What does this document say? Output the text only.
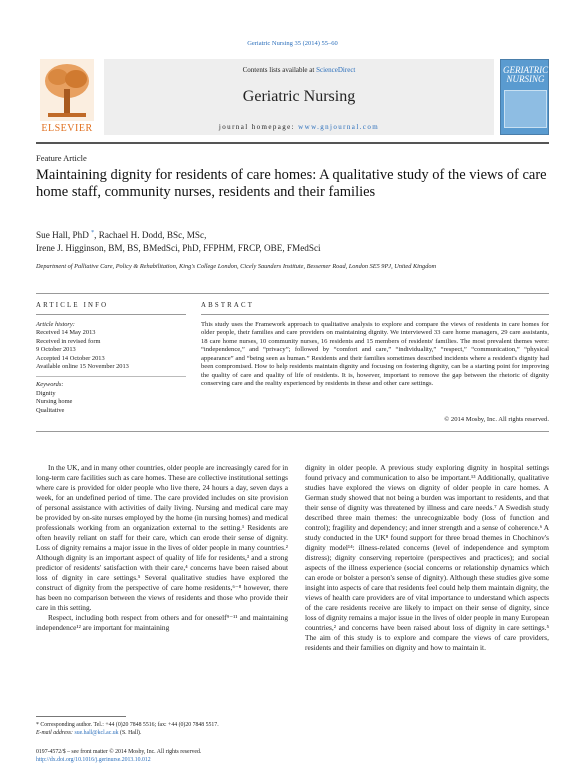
Geriatric Nursing 35 (2014) 55–60
ELSEVIER
Contents lists available at ScienceDirect
Geriatric Nursing
journal homepage: www.gnjournal.com
GERIATRIC
NURSING
Feature Article
Maintaining dignity for residents of care homes: A qualitative study of the views of care home staff, community nurses, residents and their families
Sue Hall, PhD *, Rachael H. Dodd, BSc, MSc,
Irene J. Higginson, BM, BS, BMedSci, PhD, FFPHM, FRCP, OBE, FMedSci
Department of Palliative Care, Policy & Rehabilitation, King's College London, Cicely Saunders Institute, Bessemer Road, London SE5 9PJ, United Kingdom
ARTICLE INFO	ABSTRACT
Article history:
Received 14 May 2013
Received in revised form
9 October 2013
Accepted 14 October 2013
Available online 15 November 2013
Keywords:
Dignity
Nursing home
Qualitative
This study uses the Framework approach to qualitative analysis to explore and compare the views of residents in care homes for older people, their families and care providers on maintaining dignity. We interviewed 33 care home managers, 29 care assistants, 18 care home nurses, 10 community nurses, 16 residents and 15 members of residents' families. The most prevalent themes were: “independence,” and “privacy”; followed by “comfort and care,” “individuality,” “respect,” “communication,” “physical appearance” and “being seen as human.” Residents and their families sometimes described incidents where a resident's dignity had been compromised. How to help residents maintain dignity and focusing on fostering dignity, can be a starting point for improving the quality of care and quality of life of residents. It is, however, important to remove the gap between the rhetoric of dignity conserving care and the reality experienced by residents in these and other care settings.
© 2014 Mosby, Inc. All rights reserved.

In the UK, and in many other countries, older people are increasingly cared for in long-term care facilities such as care homes. These are collective institutional settings where care is provided for older people who live there, 24 hours a day, seven days a week, for an undefined period of time. The care provided includes on site provision of personal assistance with activities of daily living. Nursing and medical care may be provided by on-site nurses employed by the home (in nursing homes) and medical professionals working from an organization external to the setting.¹ Residents are often heavily reliant on staff for their care, which can erode their sense of dignity. Loss of dignity remains a major issue in the lives of older people in many countries.² Although dignity is an important aspect of quality of life for residents,³ and a strong predictor of residents' satisfaction with their care,⁴ concerns have been raised about loss of dignity in care settings.⁵ Several qualitative studies have explored the construct of dignity from the perspective of care home residents,⁶⁻⁸ however, there has been no comparison between the views of residents and those who provide their care in this setting.

Respect, including both respect from others and for oneself⁹⁻¹¹ and maintaining independence¹² are important for maintaining

dignity in older people. A previous study exploring dignity in hospital settings found privacy and communication to also be important.¹³ Additionally, qualitative studies have explored the views on dignity of older people in care homes. A German study showed that not being a burden was important to residents, and that their sense of dignity was threatened by illness and care needs.⁷ A Swedish study described three main themes: the unrecognizable body (loss of function and control); fragility and dependency; and inner strength and a sense of coherence.⁶ A study conducted in the UK⁸ found support for three broad themes in Chochinov's dignity model¹⁴: illness-related concerns (level of independence and symptom distress); dignity conserving repertoire (perspectives and practices); and social aspects of the illness experience (social concerns or relationship dynamics which can erode or bolster a person's sense of dignity). Although these studies give some insight into aspects of care that residents feel could help them maintain dignity, the views of health care providers are of vital importance to understand which aspects of the care residents receive are likely to impact on their sense of dignity, since loss of dignity remains a major issue in the lives of older people in many European countries,² and concerns have been raised about loss of dignity in care settings.⁵ The aim of this study is to explore and compare the views of care providers, residents and their families on dignity and how to maintain it.

* Corresponding author. Tel.: +44 (0)20 7848 5516; fax: +44 (0)20 7848 5517.
E-mail address: sue.hall@kcl.ac.uk (S. Hall).
0197-4572/$ – see front matter © 2014 Mosby, Inc. All rights reserved.
http://dx.doi.org/10.1016/j.gerinurse.2013.10.012
